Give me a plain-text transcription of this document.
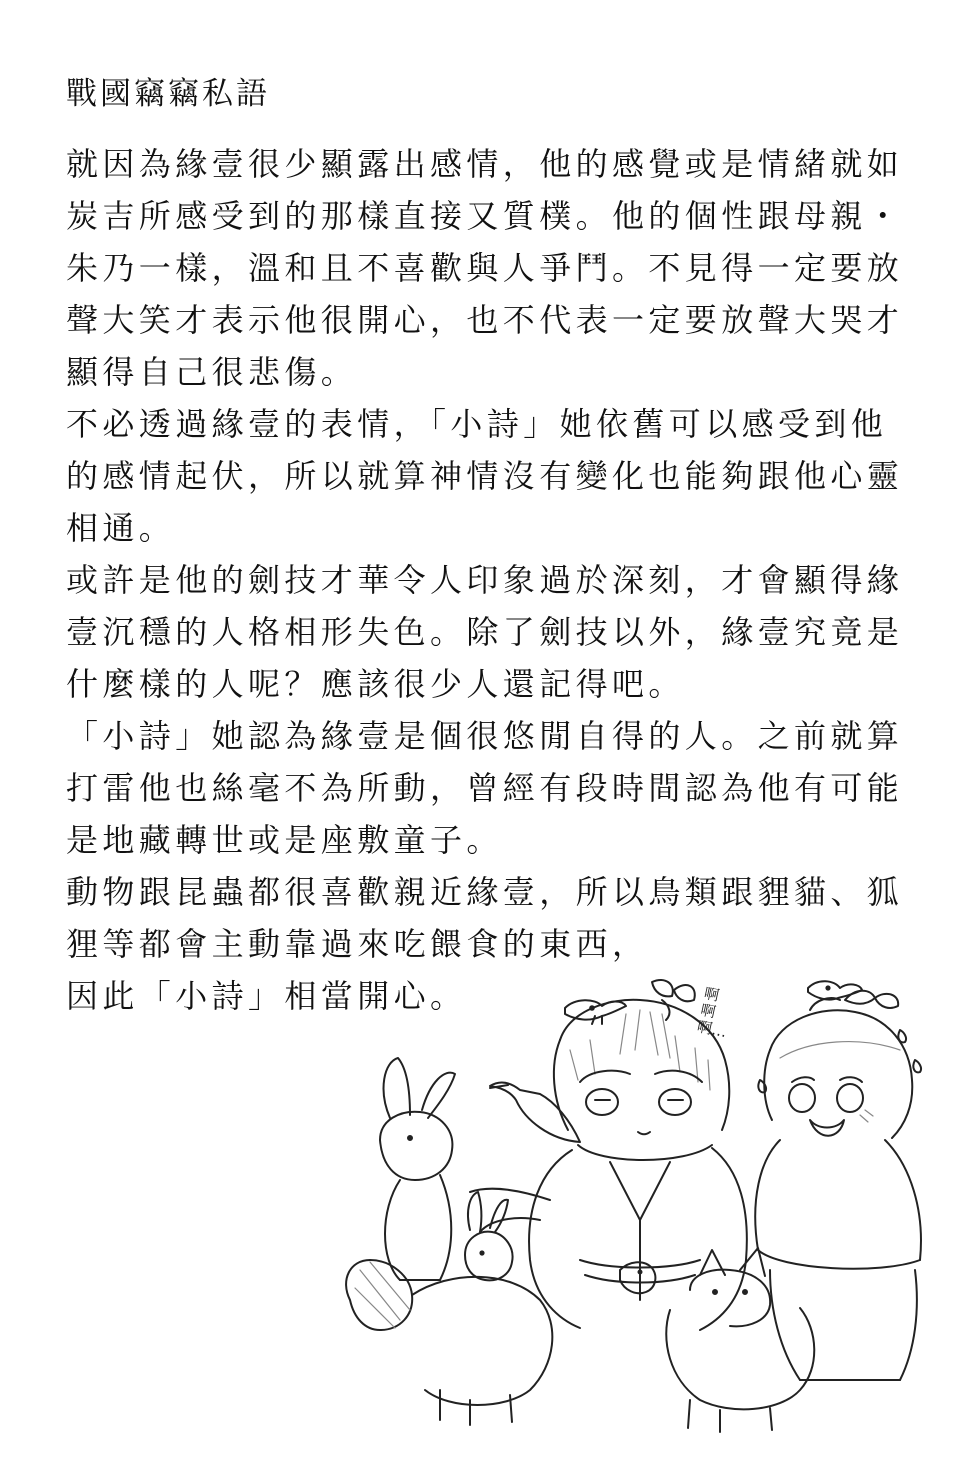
戰國竊竊私語
就因為緣壹很少顯露出感情，他的感覺或是情緒就如
炭吉所感受到的那樣直接又質樸。他的個性跟母親・
朱乃一樣，溫和且不喜歡與人爭鬥。不見得一定要放
聲大笑才表示他很開心，也不代表一定要放聲大哭才
顯得自己很悲傷。
不必透過緣壹的表情，「小詩」她依舊可以感受到他
的感情起伏，所以就算神情沒有變化也能夠跟他心靈
相通。
或許是他的劍技才華令人印象過於深刻，才會顯得緣
壹沉穩的人格相形失色。除了劍技以外，緣壹究竟是
什麼樣的人呢？應該很少人還記得吧。
「小詩」她認為緣壹是個很悠閒自得的人。之前就算
打雷他也絲毫不為所動，曾經有段時間認為他有可能
是地藏轉世或是座敷童子。
動物跟昆蟲都很喜歡親近緣壹，所以鳥類跟貍貓、狐
狸等都會主動靠過來吃餵食的東西，
因此「小詩」相當開心。	啊啊啊…
